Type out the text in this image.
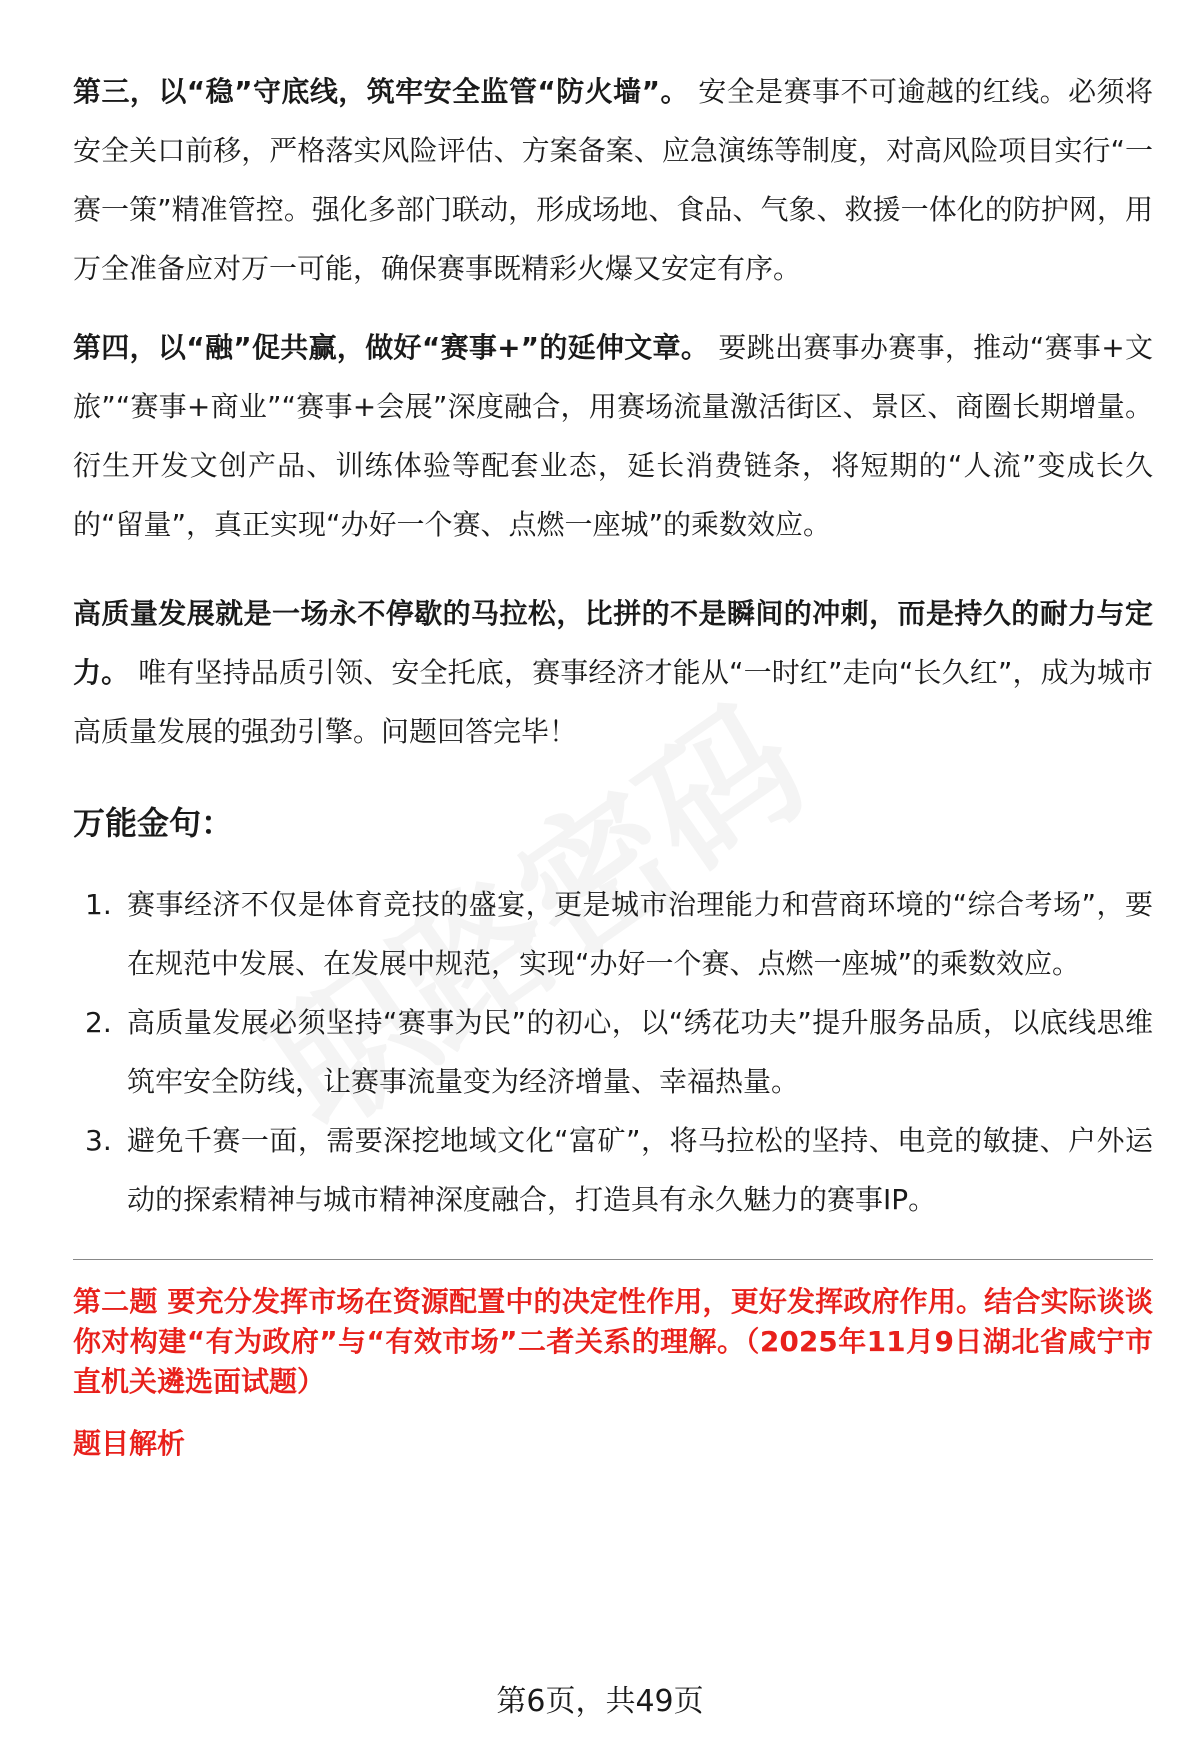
第三，以“稳”守底线，筑牢安全监管“防火墙”。 安全是赛事不可逾越的红线。必须将安全关口前移，严格落实风险评估、方案备案、应急演练等制度，对高风险项目实行“一赛一策”精准管控。强化多部门联动，形成场地、食品、气象、救援一体化的防护网，用万全准备应对万一可能，确保赛事既精彩火爆又安定有序。

第四，以“融”促共赢，做好“赛事+”的延伸文章。 要跳出赛事办赛事，推动“赛事+文旅”“赛事+商业”“赛事+会展”深度融合，用赛场流量激活街区、景区、商圈长期增量。衍生开发文创产品、训练体验等配套业态，延长消费链条，将短期的“人流”变成长久的“留量”，真正实现“办好一个赛、点燃一座城”的乘数效应。

高质量发展就是一场永不停歇的马拉松，比拼的不是瞬间的冲刺，而是持久的耐力与定力。 唯有坚持品质引领、安全托底，赛事经济才能从“一时红”走向“长久红”，成为城市高质量发展的强劲引擎。问题回答完毕！

万能金句：
1. 赛事经济不仅是体育竞技的盛宴，更是城市治理能力和营商环境的“综合考场”，要在规范中发展、在发展中规范，实现“办好一个赛、点燃一座城”的乘数效应。
2. 高质量发展必须坚持“赛事为民”的初心，以“绣花功夫”提升服务品质，以底线思维筑牢安全防线，让赛事流量变为经济增量、幸福热量。
3. 避免千赛一面，需要深挖地域文化“富矿”，将马拉松的坚持、电竞的敏捷、户外运动的探索精神与城市精神深度融合，打造具有永久魅力的赛事IP。

第二题 要充分发挥市场在资源配置中的决定性作用，更好发挥政府作用。结合实际谈谈你对构建“有为政府”与“有效市场”二者关系的理解。（2025年11月9日湖北省咸宁市直机关遴选面试题）

题目解析

第6页，共49页
